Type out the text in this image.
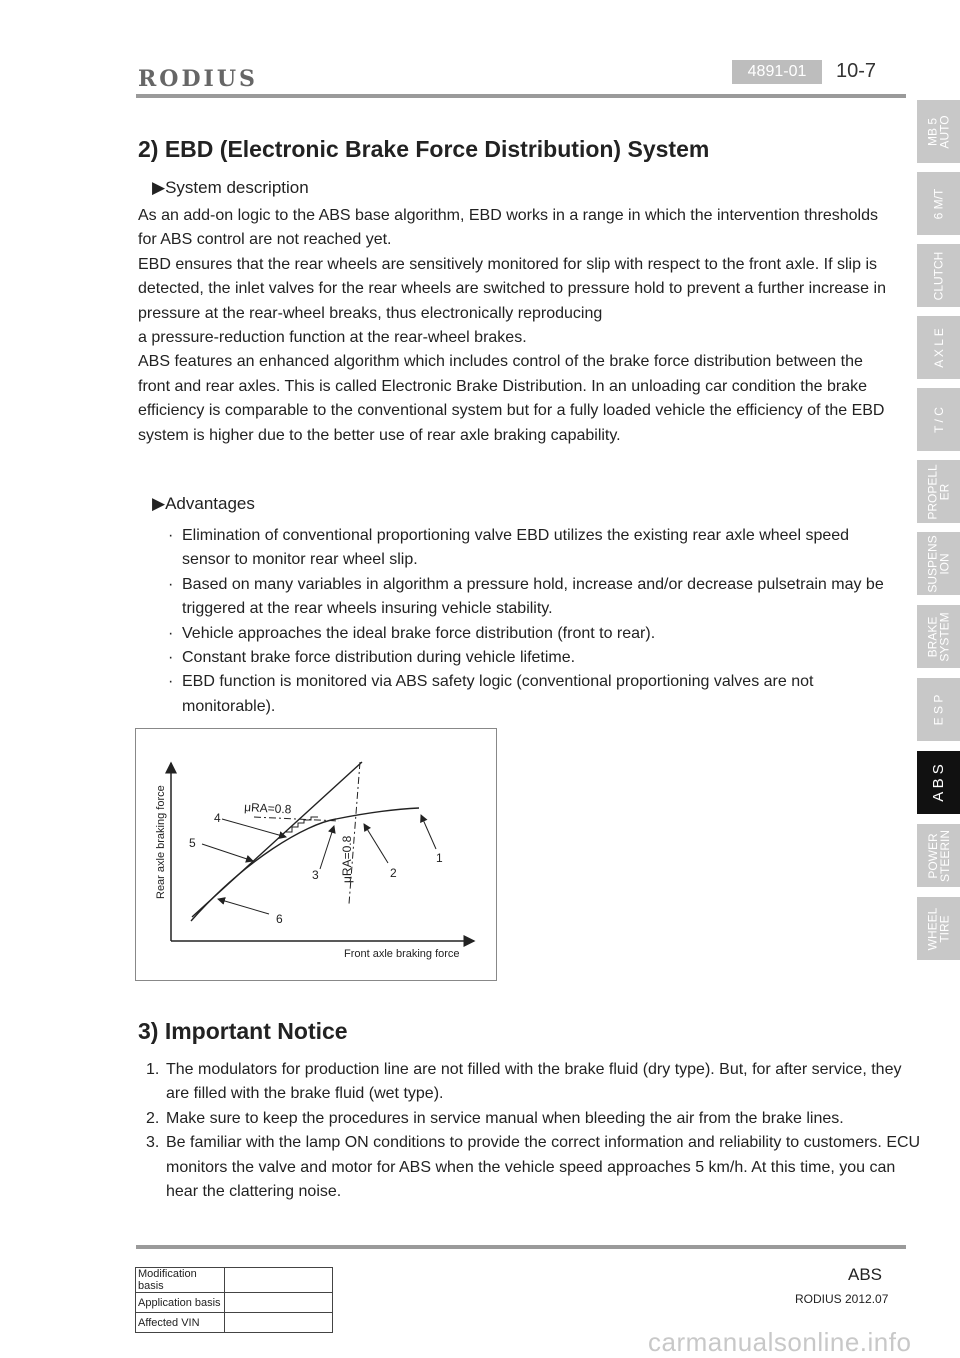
RODIUS	4891-01	10-7
2) EBD (Electronic Brake Force Distribution) System
▶System description

As an add-on logic to the ABS base algorithm, EBD works in a range in which the intervention thresholds for ABS control are not reached yet.

EBD ensures that the rear wheels are sensitively monitored for slip with respect to the front axle. If slip is detected, the inlet valves for the rear wheels are switched to pressure hold to prevent a further increase in pressure at the rear-wheel breaks, thus electronically reproducing

a pressure-reduction function at the rear-wheel brakes.

ABS features an enhanced algorithm which includes control of the brake force distribution between the front and rear axles. This is called Electronic Brake Distribution. In an unloading car condition the brake efficiency is comparable to the conventional system but for a fully loaded vehicle the efficiency of the EBD system is higher due to the better use of rear axle braking capability.

▶Advantages
· Elimination of conventional proportioning valve EBD utilizes the existing rear axle wheel speed sensor to monitor rear wheel slip.
· Based on many variables in algorithm a pressure hold, increase and/or decrease pulsetrain may be triggered at the rear wheels insuring vehicle stability.
· Vehicle approaches the ideal brake force distribution (front to rear).
· Constant brake force distribution during vehicle lifetime.
· EBD function is monitored via ABS safety logic (conventional proportioning valves are not monitorable).
Rear axle braking force
Front axle braking force
μRA=0.8
μRA=0.8	1
2
3
4
5
6
3) Important Notice
1. The modulators for production line are not filled with the brake fluid (dry type). But, for after service, they are filled with the brake fluid (wet type).
2. Make sure to keep the procedures in service manual when bleeding the air from the brake lines.
3. Be familiar with the lamp ON conditions to provide the correct information and reliability to customers. ECU monitors the valve and motor for ABS when the vehicle speed approaches 5 km/h. At this time, you can hear the clattering noise.
MB 5
AUTO
6 M/T
CLUTCH
A X L E
T / C
PROPELL
ER
SUSPENS
ION
BRAKE
SYSTEM
E S P
A B S
POWER
STEERIN
WHEEL
TIRE
Modification basis	
Application basis	
Affected VIN	
ABS
RODIUS 2012.07
carmanualsonline.info
